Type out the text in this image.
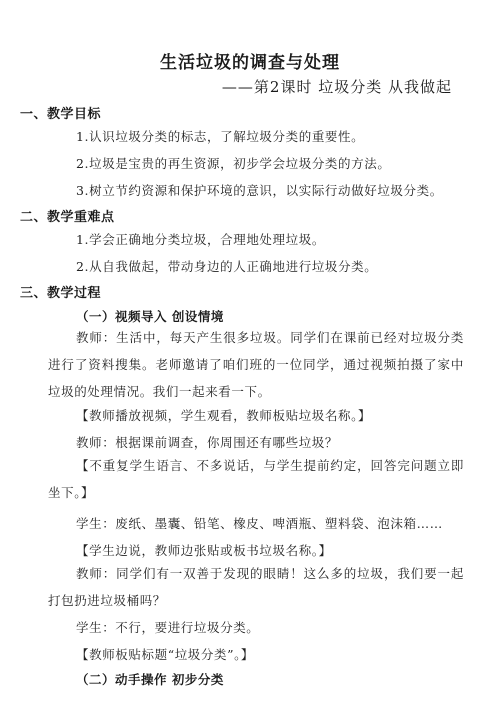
生活垃圾的调查与处理
——第2课时 垃圾分类 从我做起
一、教学目标
1.认识垃圾分类的标志，了解垃圾分类的重要性。
2.垃圾是宝贵的再生资源，初步学会垃圾分类的方法。
3.树立节约资源和保护环境的意识，以实际行动做好垃圾分类。
二、教学重难点
1.学会正确地分类垃圾，合理地处理垃圾。
2.从自我做起，带动身边的人正确地进行垃圾分类。
三、教学过程
（一）视频导入 创设情境
教师：生活中，每天产生很多垃圾。同学们在课前已经对垃圾分类进行了资料搜集。老师邀请了咱们班的一位同学，通过视频拍摄了家中垃圾的处理情况。我们一起来看一下。
【教师播放视频，学生观看，教师板贴垃圾名称。】
教师：根据课前调查，你周围还有哪些垃圾？
【不重复学生语言、不多说话，与学生提前约定，回答完问题立即坐下。】
学生：废纸、墨囊、铅笔、橡皮、啤酒瓶、塑料袋、泡沫箱……
【学生边说，教师边张贴或板书垃圾名称。】
教师：同学们有一双善于发现的眼睛！这么多的垃圾，我们要一起打包扔进垃圾桶吗？
学生：不行，要进行垃圾分类。
【教师板贴标题“垃圾分类”。】
（二）动手操作 初步分类
